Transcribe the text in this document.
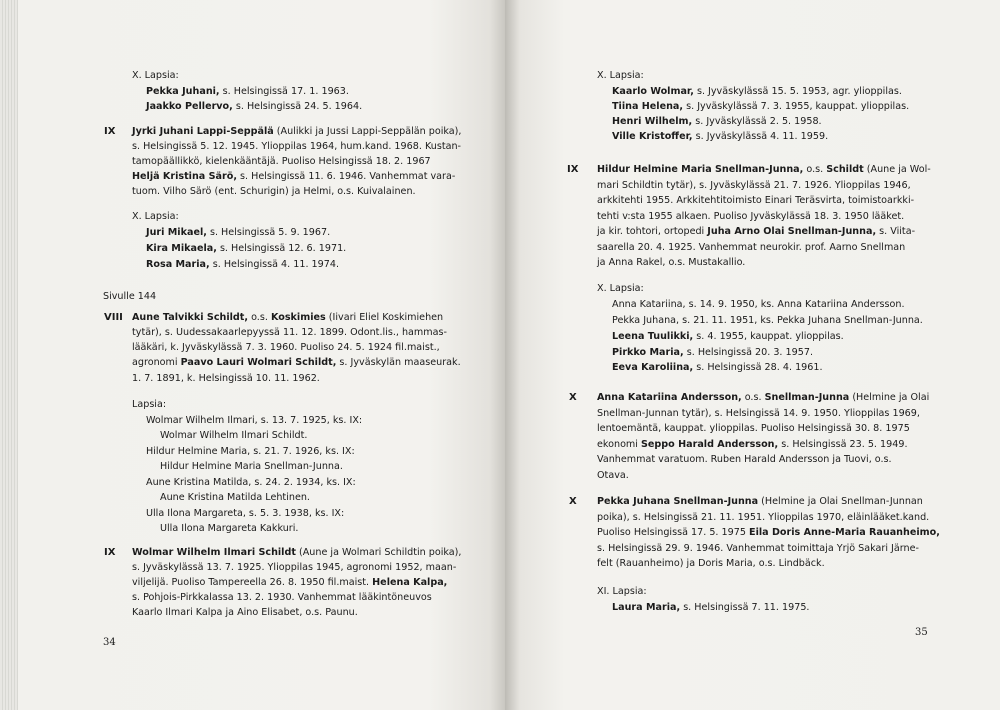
X. Lapsia:
Pekka Juhani, s. Helsingissä 17. 1. 1963.
Jaakko Pellervo, s. Helsingissä 24. 5. 1964.
IX Jyrki Juhani Lappi-Seppälä (Aulikki ja Jussi Lappi-Seppälän poika),
s. Helsingissä 5. 12. 1945. Ylioppilas 1964, hum.kand. 1968. Kustan-
tamopäällikkö, kielenkääntäjä. Puoliso Helsingissä 18. 2. 1967
Heljä Kristina Särö, s. Helsingissä 11. 6. 1946. Vanhemmat vara-
tuom. Vilho Särö (ent. Schurigin) ja Helmi, o.s. Kuivalainen.
X. Lapsia:
Juri Mikael, s. Helsingissä 5. 9. 1967.
Kira Mikaela, s. Helsingissä 12. 6. 1971.
Rosa Maria, s. Helsingissä 4. 11. 1974.
Sivulle 144
VIII Aune Talvikki Schildt, o.s. Koskimies (Iivari Eliel Koskimiehen
tytär), s. Uudessakaarlepyyssä 11. 12. 1899. Odont.lis., hammas-
lääkäri, k. Jyväskylässä 7. 3. 1960. Puoliso 24. 5. 1924 fil.maist.,
agronomi Paavo Lauri Wolmari Schildt, s. Jyväskylän maaseurak.
1. 7. 1891, k. Helsingissä 10. 11. 1962.
Lapsia:
Wolmar Wilhelm Ilmari, s. 13. 7. 1925, ks. IX:
Wolmar Wilhelm Ilmari Schildt.
Hildur Helmine Maria, s. 21. 7. 1926, ks. IX:
Hildur Helmine Maria Snellman-Junna.
Aune Kristina Matilda, s. 24. 2. 1934, ks. IX:
Aune Kristina Matilda Lehtinen.
Ulla Ilona Margareta, s. 5. 3. 1938, ks. IX:
Ulla Ilona Margareta Kakkuri.
IX Wolmar Wilhelm Ilmari Schildt (Aune ja Wolmari Schildtin poika),
s. Jyväskylässä 13. 7. 1925. Ylioppilas 1945, agronomi 1952, maan-
viljelijä. Puoliso Tampereella 26. 8. 1950 fil.maist. Helena Kalpa,
s. Pohjois-Pirkkalassa 13. 2. 1930. Vanhemmat lääkintöneuvos
Kaarlo Ilmari Kalpa ja Aino Elisabet, o.s. Paunu.
34
X. Lapsia:
Kaarlo Wolmar, s. Jyväskylässä 15. 5. 1953, agr. ylioppilas.
Tiina Helena, s. Jyväskylässä 7. 3. 1955, kauppat. ylioppilas.
Henri Wilhelm, s. Jyväskylässä 2. 5. 1958.
Ville Kristoffer, s. Jyväskylässä 4. 11. 1959.
IX Hildur Helmine Maria Snellman-Junna, o.s. Schildt (Aune ja Wol-
mari Schildtin tytär), s. Jyväskylässä 21. 7. 1926. Ylioppilas 1946,
arkkitehti 1955. Arkkitehtitoimisto Einari Teräsvirta, toimistoarkki-
tehti v:sta 1955 alkaen. Puoliso Jyväskylässä 18. 3. 1950 lääket.
ja kir. tohtori, ortopedi Juha Arno Olai Snellman-Junna, s. Viita-
saarella 20. 4. 1925. Vanhemmat neurokir. prof. Aarno Snellman
ja Anna Rakel, o.s. Mustakallio.
X. Lapsia:
Anna Katariina, s. 14. 9. 1950, ks. Anna Katariina Andersson.
Pekka Juhana, s. 21. 11. 1951, ks. Pekka Juhana Snellman-Junna.
Leena Tuulikki, s. 4. 1955, kauppat. ylioppilas.
Pirkko Maria, s. Helsingissä 20. 3. 1957.
Eeva Karoliina, s. Helsingissä 28. 4. 1961.
X Anna Katariina Andersson, o.s. Snellman-Junna (Helmine ja Olai
Snellman-Junnan tytär), s. Helsingissä 14. 9. 1950. Ylioppilas 1969,
lentoemäntä, kauppat. ylioppilas. Puoliso Helsingissä 30. 8. 1975
ekonomi Seppo Harald Andersson, s. Helsingissä 23. 5. 1949.
Vanhemmat varatuom. Ruben Harald Andersson ja Tuovi, o.s.
Otava.
X Pekka Juhana Snellman-Junna (Helmine ja Olai Snellman-Junnan
poika), s. Helsingissä 21. 11. 1951. Ylioppilas 1970, eläinlääket.kand.
Puoliso Helsingissä 17. 5. 1975 Eila Doris Anne-Maria Rauanheimo,
s. Helsingissä 29. 9. 1946. Vanhemmat toimittaja Yrjö Sakari Järne-
felt (Rauanheimo) ja Doris Maria, o.s. Lindbäck.
XI. Lapsia:
Laura Maria, s. Helsingissä 7. 11. 1975.
35
